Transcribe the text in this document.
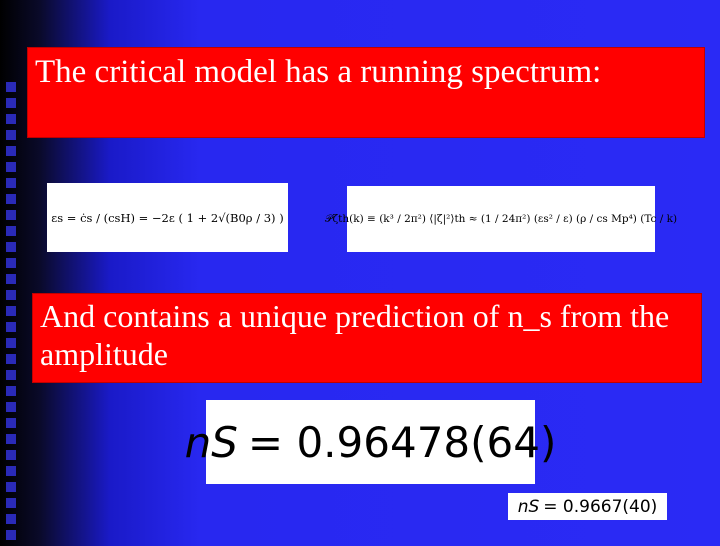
The critical model has a running spectrum:
εs = ċs / (csH) = −2ε ( 1 + 2√(B0ρ / 3) )	𝒫ζth(k) ≡ (k³ / 2π²) ⟨|ζ|²⟩th ≈ (1 / 24π²) (εs² / ε) (ρ / cs Mp⁴) (Tc / k)
And contains a unique prediction of n_s from the amplitude
nS = 0.96478(64)
nS = 0.9667(40)
